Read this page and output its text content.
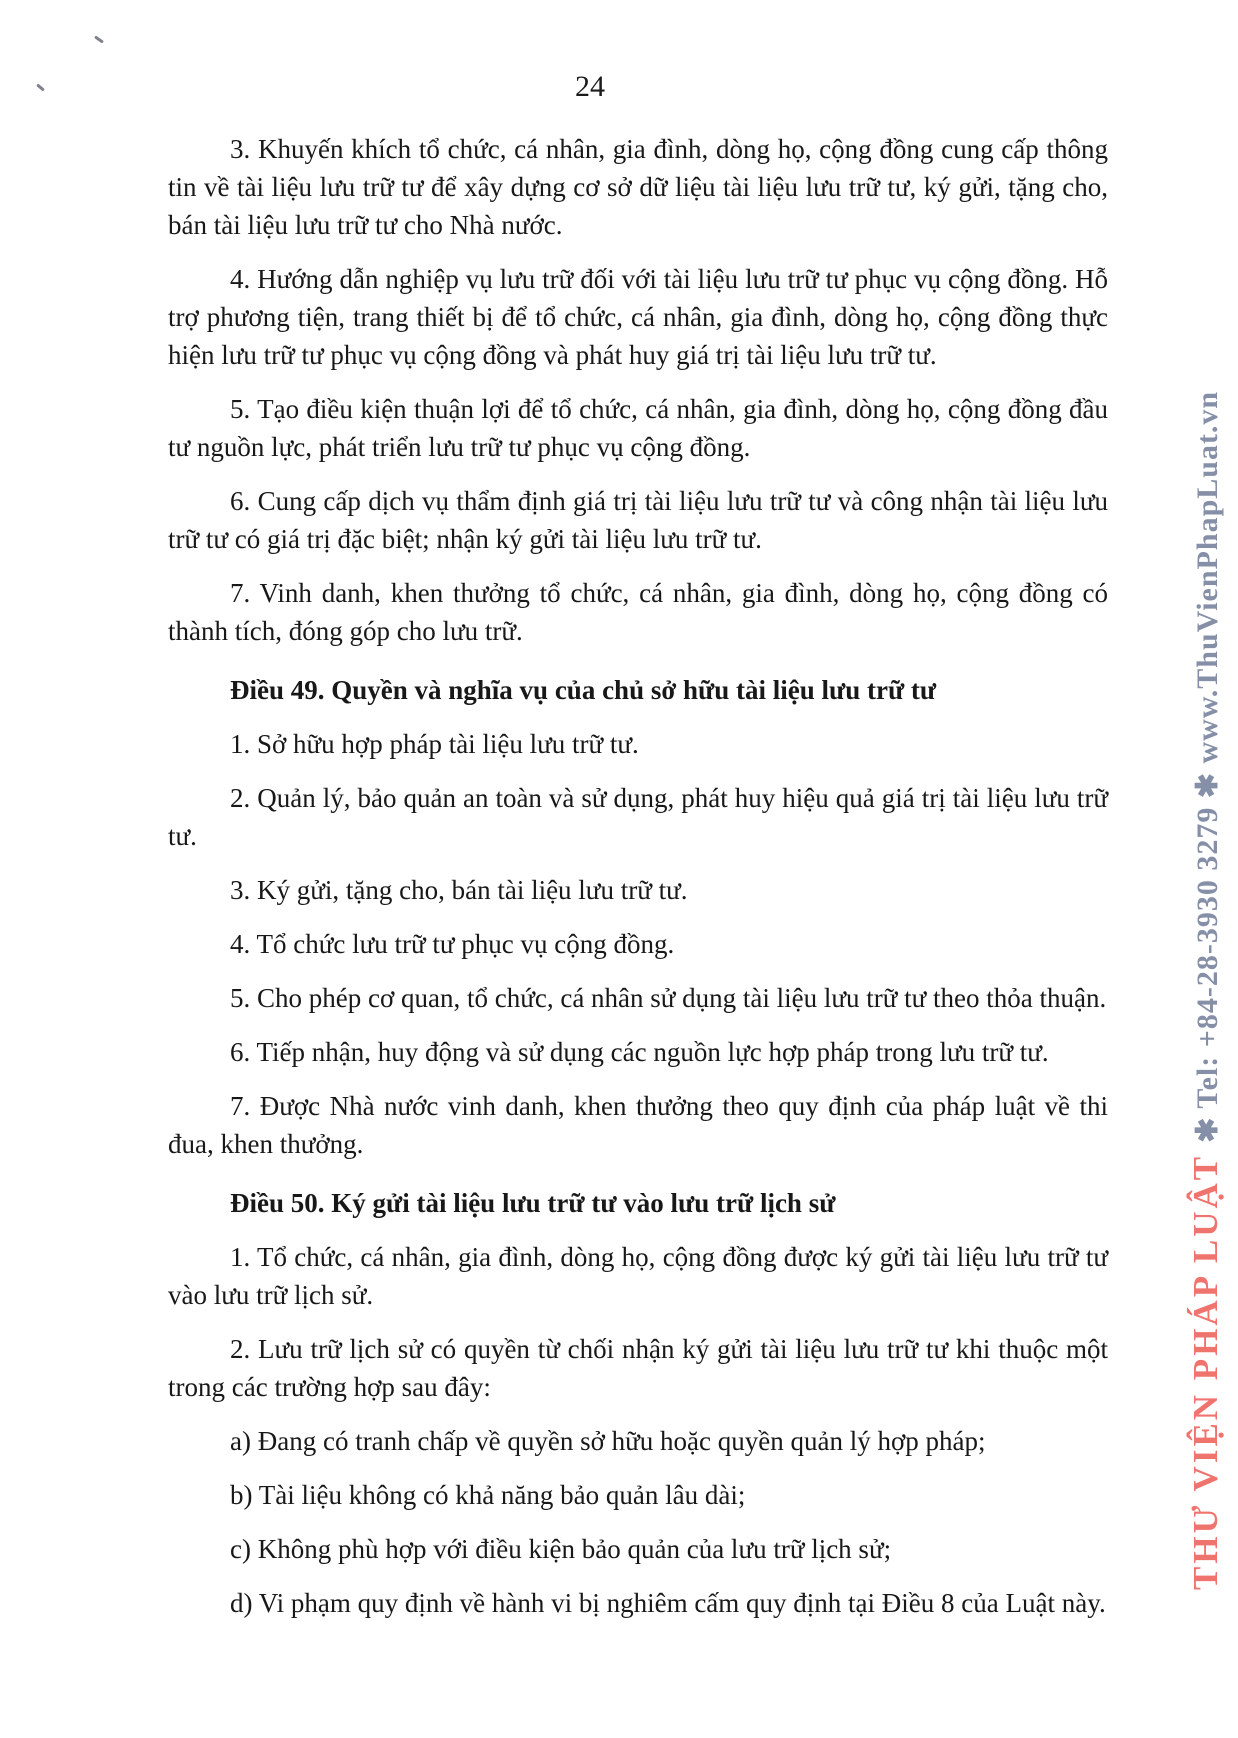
24

3. Khuyến khích tổ chức, cá nhân, gia đình, dòng họ, cộng đồng cung cấp thông tin về tài liệu lưu trữ tư để xây dựng cơ sở dữ liệu tài liệu lưu trữ tư, ký gửi, tặng cho, bán tài liệu lưu trữ tư cho Nhà nước.

4. Hướng dẫn nghiệp vụ lưu trữ đối với tài liệu lưu trữ tư phục vụ cộng đồng. Hỗ trợ phương tiện, trang thiết bị để tổ chức, cá nhân, gia đình, dòng họ, cộng đồng thực hiện lưu trữ tư phục vụ cộng đồng và phát huy giá trị tài liệu lưu trữ tư.

5. Tạo điều kiện thuận lợi để tổ chức, cá nhân, gia đình, dòng họ, cộng đồng đầu tư nguồn lực, phát triển lưu trữ tư phục vụ cộng đồng.

6. Cung cấp dịch vụ thẩm định giá trị tài liệu lưu trữ tư và công nhận tài liệu lưu trữ tư có giá trị đặc biệt; nhận ký gửi tài liệu lưu trữ tư.

7. Vinh danh, khen thưởng tổ chức, cá nhân, gia đình, dòng họ, cộng đồng có thành tích, đóng góp cho lưu trữ.

Điều 49. Quyền và nghĩa vụ của chủ sở hữu tài liệu lưu trữ tư

1. Sở hữu hợp pháp tài liệu lưu trữ tư.

2. Quản lý, bảo quản an toàn và sử dụng, phát huy hiệu quả giá trị tài liệu lưu trữ tư.

3. Ký gửi, tặng cho, bán tài liệu lưu trữ tư.

4. Tổ chức lưu trữ tư phục vụ cộng đồng.

5. Cho phép cơ quan, tổ chức, cá nhân sử dụng tài liệu lưu trữ tư theo thỏa thuận.

6. Tiếp nhận, huy động và sử dụng các nguồn lực hợp pháp trong lưu trữ tư.

7. Được Nhà nước vinh danh, khen thưởng theo quy định của pháp luật về thi đua, khen thưởng.

Điều 50. Ký gửi tài liệu lưu trữ tư vào lưu trữ lịch sử

1. Tổ chức, cá nhân, gia đình, dòng họ, cộng đồng được ký gửi tài liệu lưu trữ tư vào lưu trữ lịch sử.

2. Lưu trữ lịch sử có quyền từ chối nhận ký gửi tài liệu lưu trữ tư khi thuộc một trong các trường hợp sau đây:

a) Đang có tranh chấp về quyền sở hữu hoặc quyền quản lý hợp pháp;

b) Tài liệu không có khả năng bảo quản lâu dài;

c) Không phù hợp với điều kiện bảo quản của lưu trữ lịch sử;

d) Vi phạm quy định về hành vi bị nghiêm cấm quy định tại Điều 8 của Luật này.

THƯ VIỆN PHÁP LUẬT ✱ Tel: +84-28-3930 3279 ✱ www.ThuVienPhapLuat.vn
